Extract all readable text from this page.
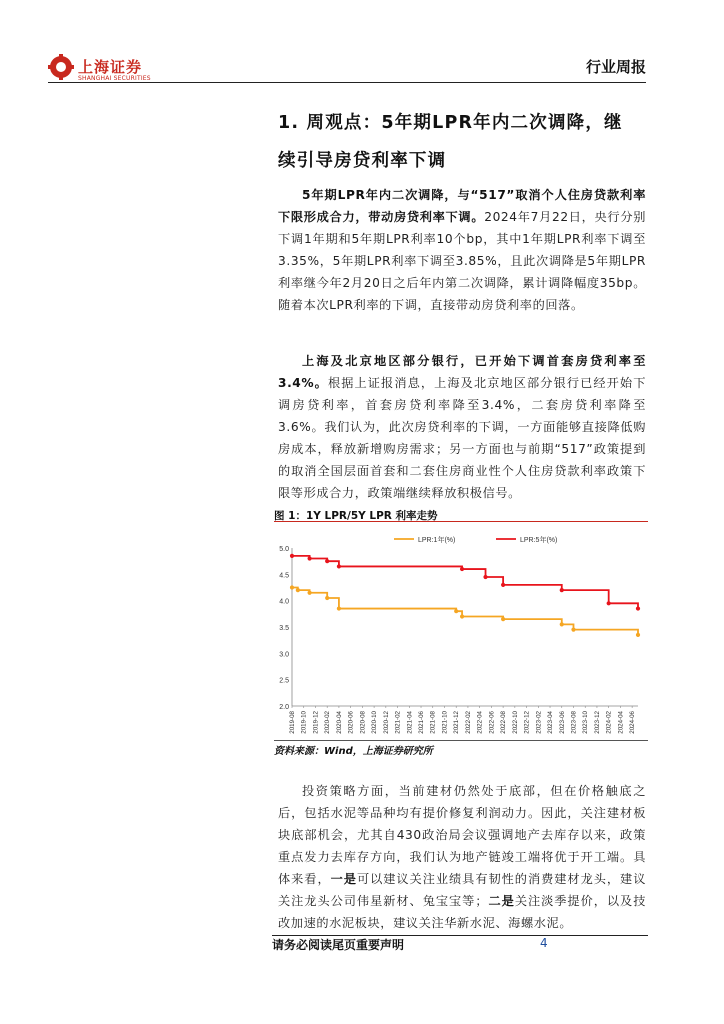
上海证券
SHANGHAI SECURITIES
行业周报
1. 周观点：5年期LPR年内二次调降，继续引导房贷利率下调
5年期LPR年内二次调降，与“517”取消个人住房贷款利率下限形成合力，带动房贷利率下调。2024年7月22日，央行分别下调1年期和5年期LPR利率10个bp，其中1年期LPR利率下调至3.35%，5年期LPR利率下调至3.85%，且此次调降是5年期LPR利率继今年2月20日之后年内第二次调降，累计调降幅度35bp。随着本次LPR利率的下调，直接带动房贷利率的回落。
上海及北京地区部分银行，已开始下调首套房贷利率至3.4%。根据上证报消息，上海及北京地区部分银行已经开始下调房贷利率，首套房贷利率降至3.4%，二套房贷利率降至3.6%。我们认为，此次房贷利率的下调，一方面能够直接降低购房成本，释放新增购房需求；另一方面也与前期“517”政策提到的取消全国层面首套和二套住房商业性个人住房贷款利率政策下限等形成合力，政策端继续释放积极信号。
图 1：1Y LPR/5Y LPR 利率走势
5.0
4.5
4.0
3.5
3.0
2.5
2.0
2019-08 2019-10 2019-12 2020-02 2020-04 2020-06 2020-08 2020-10 2020-12 2021-02 2021-04 2021-06 2021-08 2021-10 2021-12 2022-02 2022-04 2022-06 2022-08 2022-10 2022-12 2023-02 2023-04 2023-06 2023-08 2023-10 2023-12 2024-02 2024-04 2024-06
LPR:1年(%)	LPR:5年(%)
资料来源：Wind，上海证券研究所
投资策略方面，当前建材仍然处于底部，但在价格触底之后，包括水泥等品种均有提价修复利润动力。因此，关注建材板块底部机会，尤其自430政治局会议强调地产去库存以来，政策重点发力去库存方向，我们认为地产链竣工端将优于开工端。具体来看，一是可以建议关注业绩具有韧性的消费建材龙头，建议关注龙头公司伟星新材、兔宝宝等；二是关注淡季提价，以及技改加速的水泥板块，建议关注华新水泥、海螺水泥。
请务必阅读尾页重要声明	4
